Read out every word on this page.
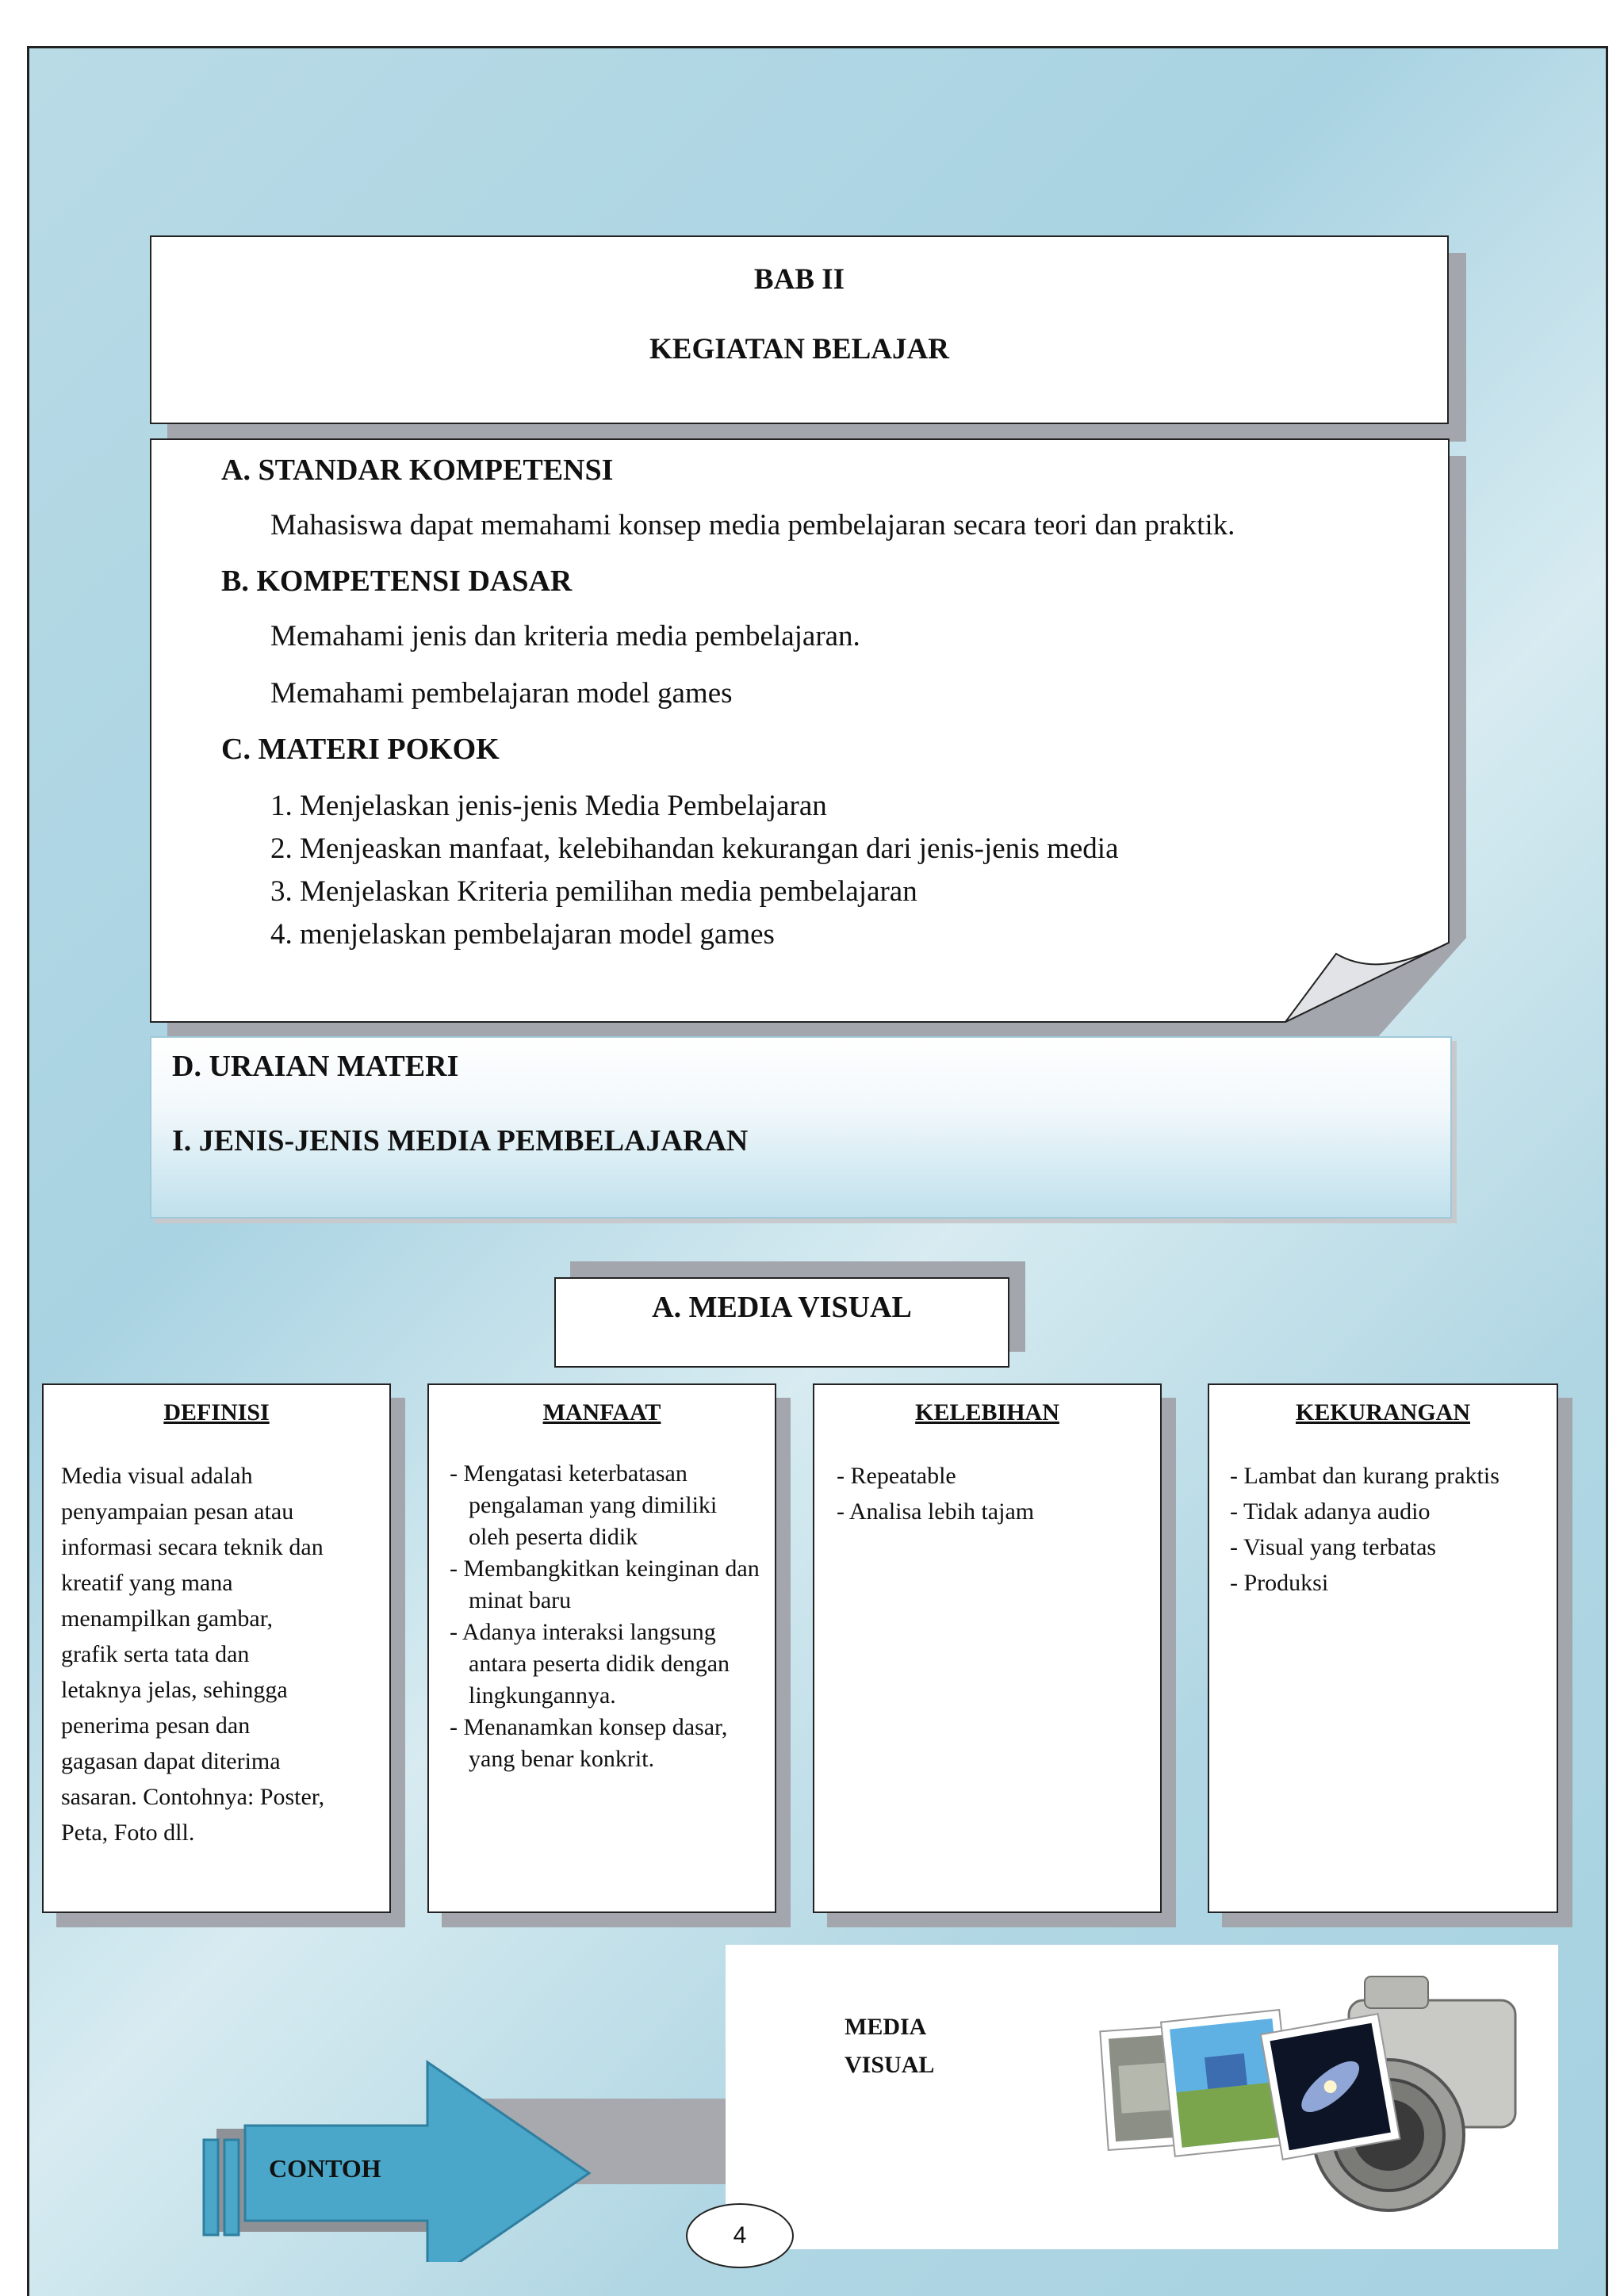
BAB II
KEGIATAN BELAJAR
A. STANDAR KOMPETENSI
Mahasiswa dapat memahami konsep media pembelajaran secara teori dan praktik.
B. KOMPETENSI DASAR
Memahami jenis dan kriteria media pembelajaran.
Memahami pembelajaran model games
C. MATERI POKOK
1. Menjelaskan jenis-jenis Media Pembelajaran
2. Menjeaskan manfaat, kelebihandan kekurangan dari jenis-jenis media
3. Menjelaskan Kriteria pemilihan media pembelajaran
4. menjelaskan pembelajaran model games
D. URAIAN MATERI
I. JENIS-JENIS MEDIA PEMBELAJARAN
A. MEDIA VISUAL
DEFINISI

Media visual adalah

penyampaian pesan atau

informasi secara teknik dan

kreatif yang mana

menampilkan gambar,

grafik serta tata dan

letaknya jelas, sehingga

penerima pesan dan

gagasan dapat diterima

sasaran. Contohnya: Poster,

Peta, Foto dll.

MANFAAT

- Mengatasi keterbatasan pengalaman yang dimiliki oleh peserta didik

- Membangkitkan keinginan dan minat baru

- Adanya interaksi langsung antara peserta didik dengan lingkungannya.

- Menanamkan konsep dasar, yang benar konkrit.

KELEBIHAN

- Repeatable

- Analisa lebih tajam

KEKURANGAN

- Lambat dan kurang praktis

- Tidak adanya audio

- Visual yang terbatas

- Produksi

CONTOH
MEDIA
VISUAL
4
